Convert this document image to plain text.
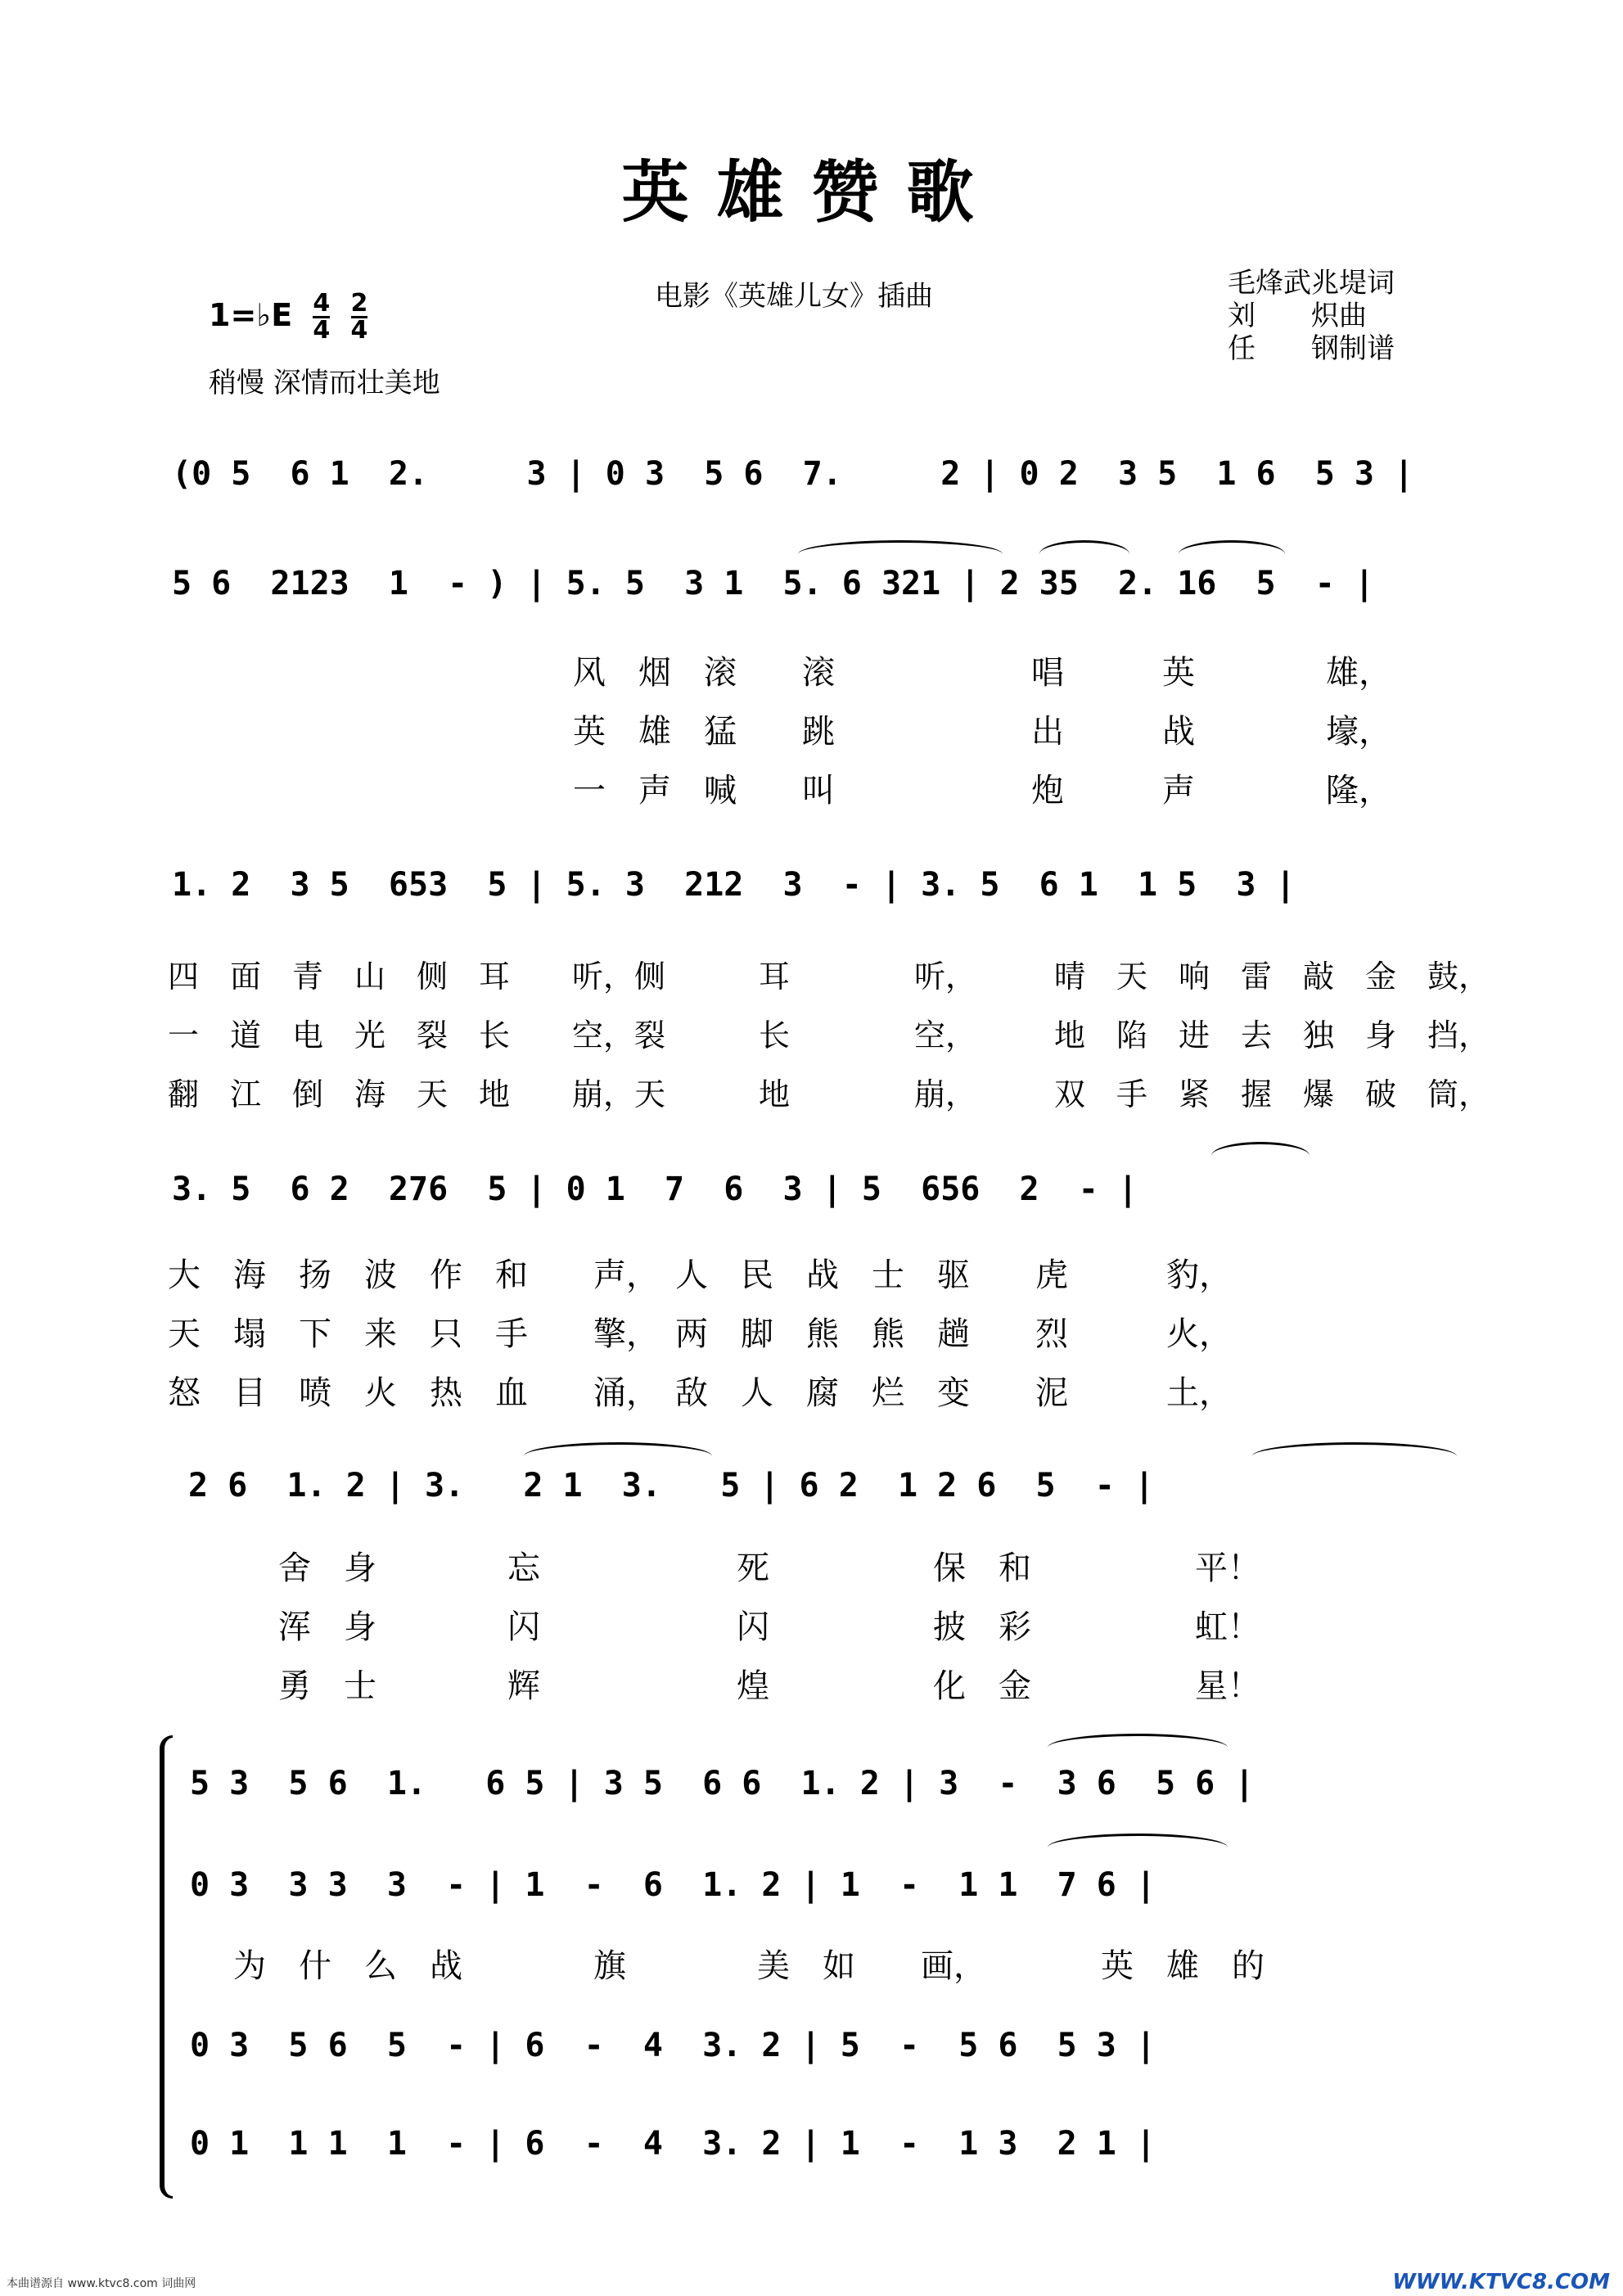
英雄赞歌
电影《英雄儿女》插曲	毛烽武兆堤词
刘　　炽曲
任　　钢制谱
1=♭E $\frac{4}{4}$
$\frac{2}{4}$
稍慢 深情而壮美地
(0 5  6 1  2.     3 | 0 3  5 6  7.     2 | 0 2  3 5  1 6  5 3 |
5 6  2123  1  - ) | 5. 5  3 1  5. 6 321 | 2 35  2. 16  5  - |
风　烟　滚　　滚　　　　　　唱　　　英　　　　雄，
英　雄　猛　　跳　　　　　　出　　　战　　　　壕，
一　声　喊　　叫　　　　　　炮　　　声　　　　隆，
1. 2  3 5  653  5 | 5. 3  212  3  - | 3. 5  6 1  1 5  3 |
四　面　青　山　侧　耳　　听，侧　　　耳　　　　听，　　　晴　天　响　雷　敲　金　鼓，
一　道　电　光　裂　长　　空，裂　　　长　　　　空，　　　地　陷　进　去　独　身　挡，
翻　江　倒　海　天　地　　崩，天　　　地　　　　崩，　　　双　手　紧　握　爆　破　筒，
3. 5  6 2  276  5 | 0 1  7  6  3 | 5  656  2  - |
大　海　扬　波　作　和　　声，　人　民　战　士　驱　　虎　　　豹，
天　塌　下　来　只　手　　擎，　两　脚　熊　熊　趟　　烈　　　火，
怒　目　喷　火　热　血　　涌，　敌　人　腐　烂　变　　泥　　　土，
2 6  1. 2 | 3.   2 1  3.   5 | 6 2  1 2 6  5  - |
　　舍　身　　　　忘　　　　　　死　　　　　保　和　　　　　平！
　　浑　身　　　　闪　　　　　　闪　　　　　披　彩　　　　　虹！
　　勇　士　　　　辉　　　　　　煌　　　　　化　金　　　　　星！
5 3  5 6  1.   6 5 | 3 5  6 6  1. 2 | 3  -  3 6  5 6 |
0 3  3 3  3  - | 1  -  6  1. 2 | 1  -  1 1  7 6 |
为　什　么　战　　　　旗　　　　美　如　　画，　　　　英　雄　的
0 3  5 6  5  - | 6  -  4  3. 2 | 5  -  5 6  5 3 |
0 1  1 1  1  - | 6  -  4  3. 2 | 1  -  1 3  2 1 |
本曲谱源自 www.ktvc8.com 词曲网	WWW.KTVC8.COM
